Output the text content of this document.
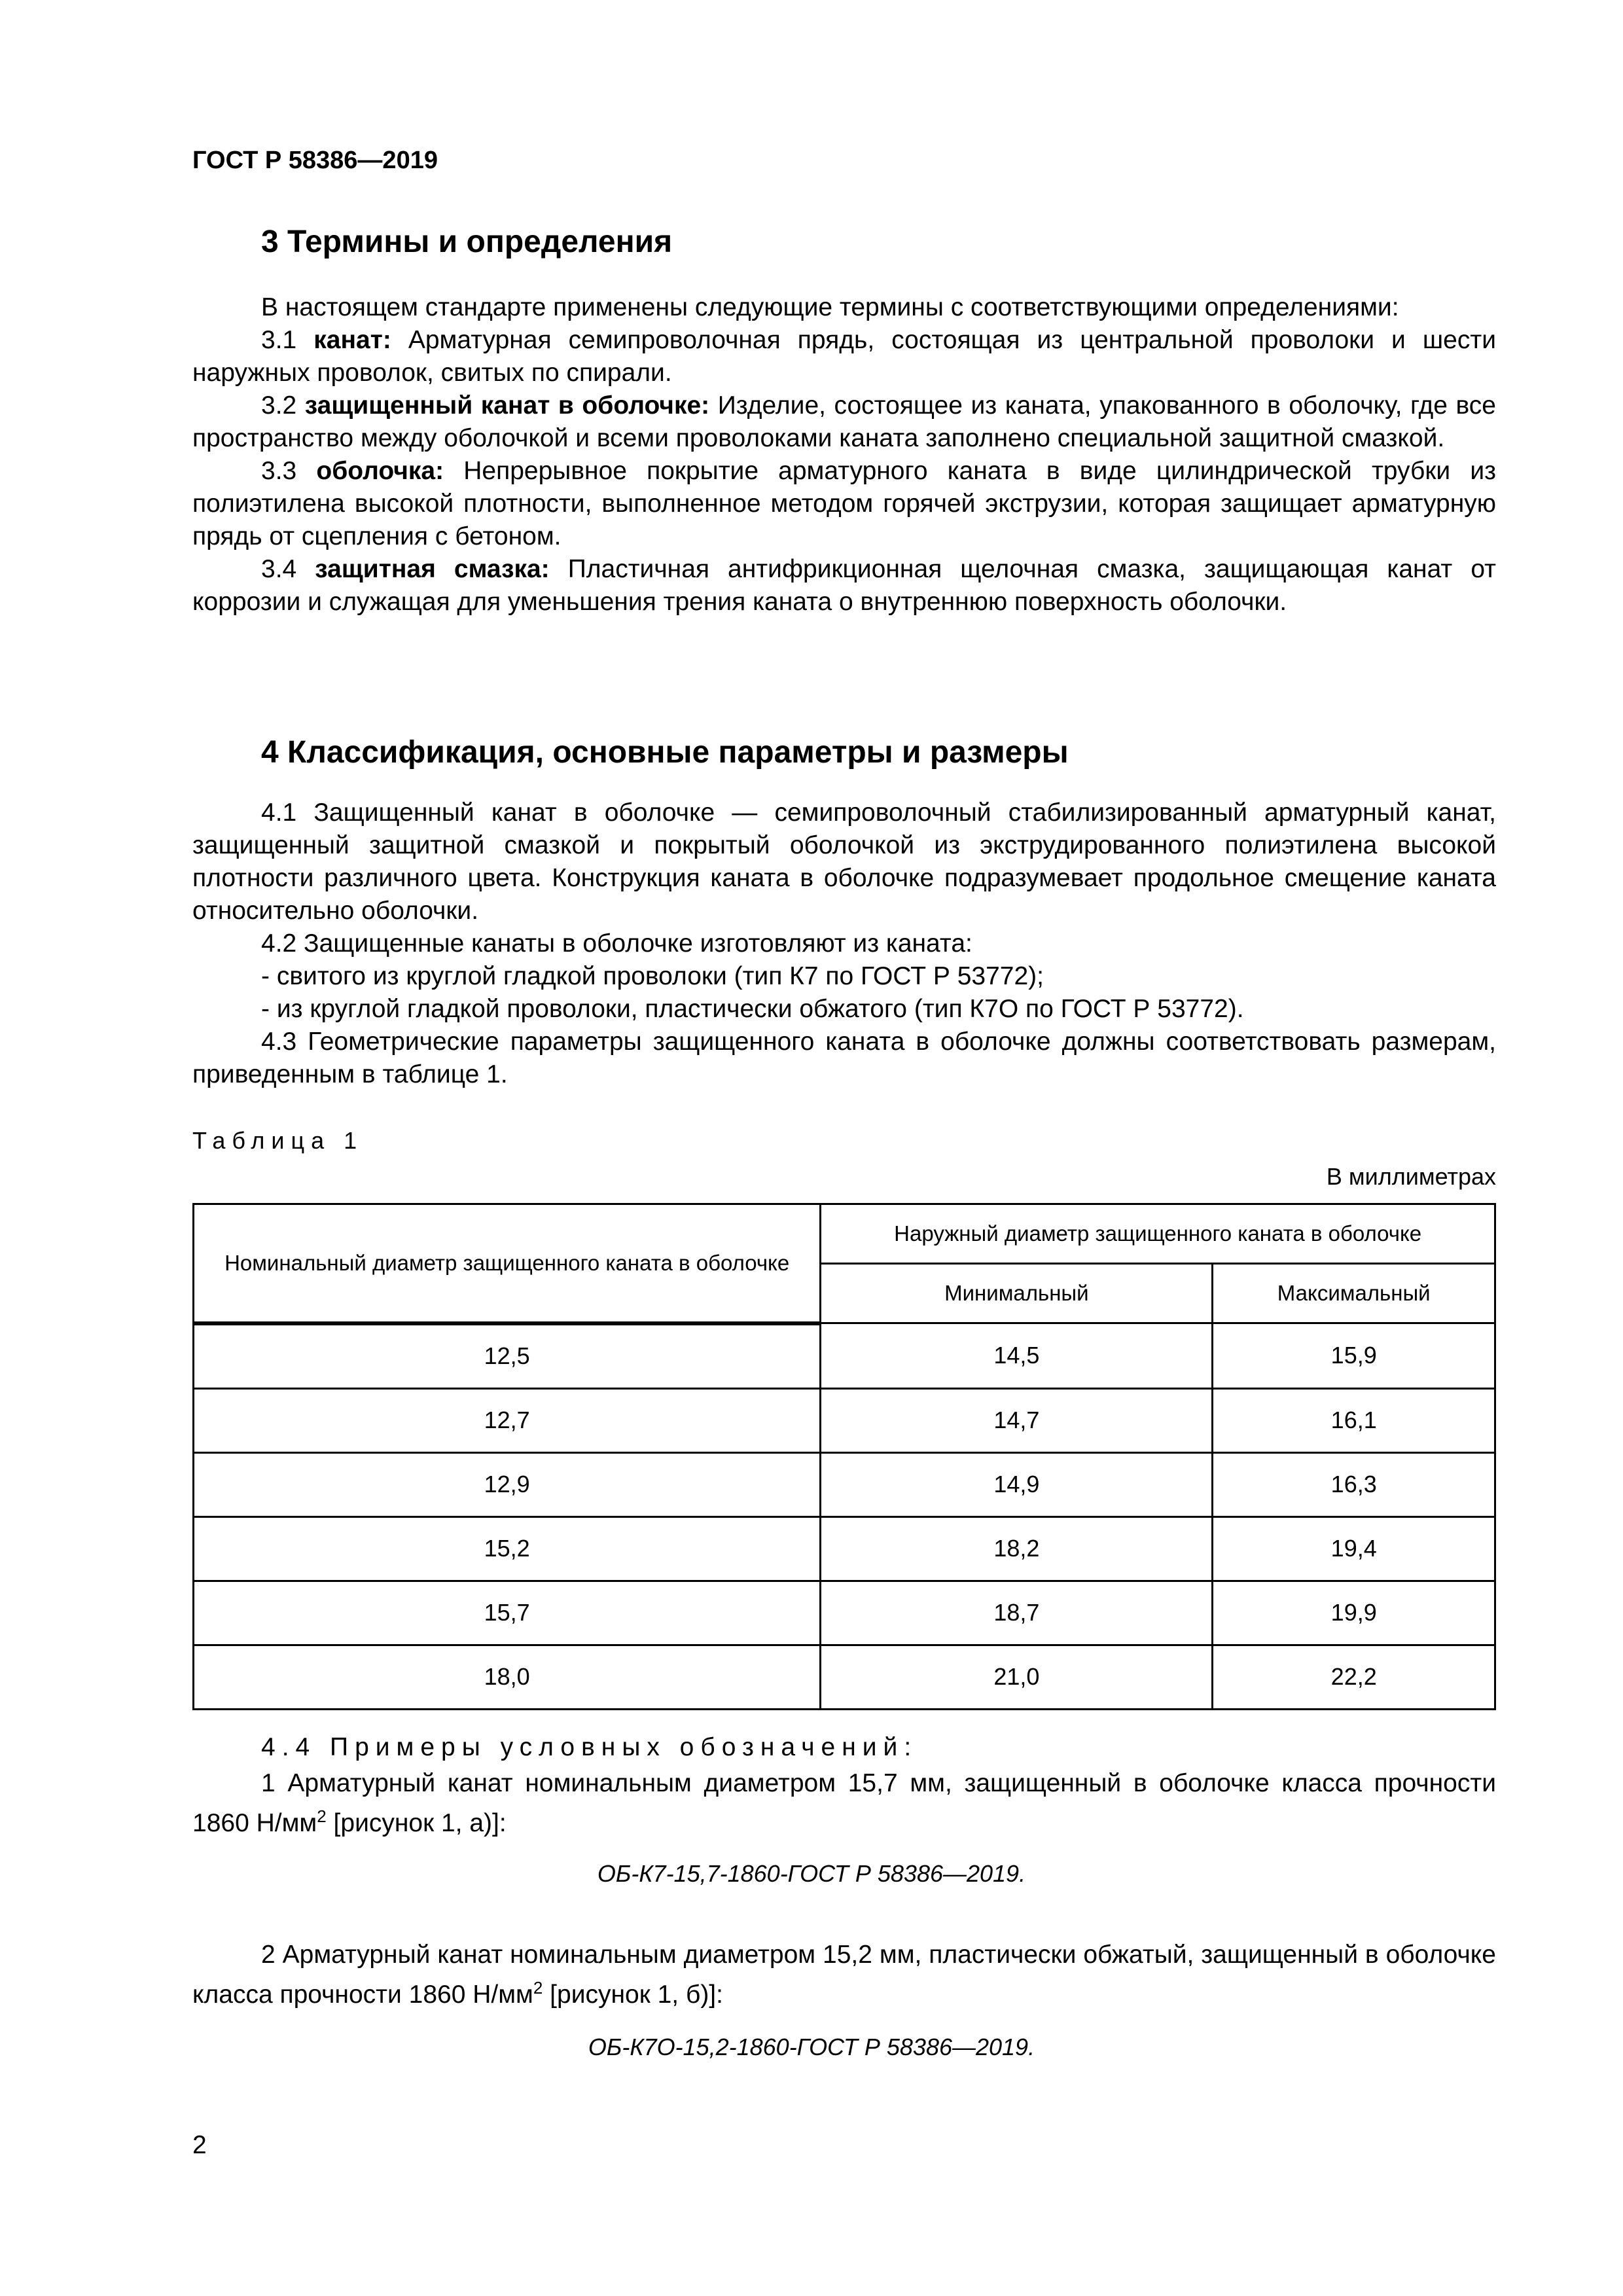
ГОСТ Р 58386—2019
3 Термины и определения

В настоящем стандарте применены следующие термины с соответствующими определениями:

3.1 канат: Арматурная семипроволочная прядь, состоящая из центральной проволоки и шести наружных проволок, свитых по спирали.

3.2 защищенный канат в оболочке: Изделие, состоящее из каната, упакованного в оболочку, где все пространство между оболочкой и всеми проволоками каната заполнено специальной защитной смазкой.

3.3 оболочка: Непрерывное покрытие арматурного каната в виде цилиндрической трубки из полиэтилена высокой плотности, выполненное методом горячей экструзии, которая защищает арматурную прядь от сцепления с бетоном.

3.4 защитная смазка: Пластичная антифрикционная щелочная смазка, защищающая канат от коррозии и служащая для уменьшения трения каната о внутреннюю поверхность оболочки.

4 Классификация, основные параметры и размеры

4.1 Защищенный канат в оболочке — семипроволочный стабилизированный арматурный канат, защищенный защитной смазкой и покрытый оболочкой из экструдированного полиэтилена высокой плотности различного цвета. Конструкция каната в оболочке подразумевает продольное смещение каната относительно оболочки.

4.2 Защищенные канаты в оболочке изготовляют из каната:

- свитого из круглой гладкой проволоки (тип К7 по ГОСТ Р 53772);

- из круглой гладкой проволоки, пластически обжатого (тип К7О по ГОСТ Р 53772).

4.3 Геометрические параметры защищенного каната в оболочке должны соответствовать размерам, приведенным в таблице 1.

Таблица 1
В миллиметрах
Номинальный диаметр защищенного каната в оболочке	Наружный диаметр защищенного каната в оболочке	
	Минимальный	Максимальный
12,5	14,5	15,9
12,7	14,7	16,1
12,9	14,9	16,3
15,2	18,2	19,4
15,7	18,7	19,9
18,0	21,0	22,2
4.4 Примеры условных обозначений:

1 Арматурный канат номинальным диаметром 15,7 мм, защищенный в оболочке класса прочности 1860 $Н/мм^2$ [рисунок 1, а)]:

ОБ-К7-15,7-1860-ГОСТ Р 58386—2019.

2 Арматурный канат номинальным диаметром 15,2 мм, пластически обжатый, защищенный в оболочке класса прочности 1860 $Н/мм^2$ [рисунок 1, б)]:

ОБ-К7О-15,2-1860-ГОСТ Р 58386—2019.
2
